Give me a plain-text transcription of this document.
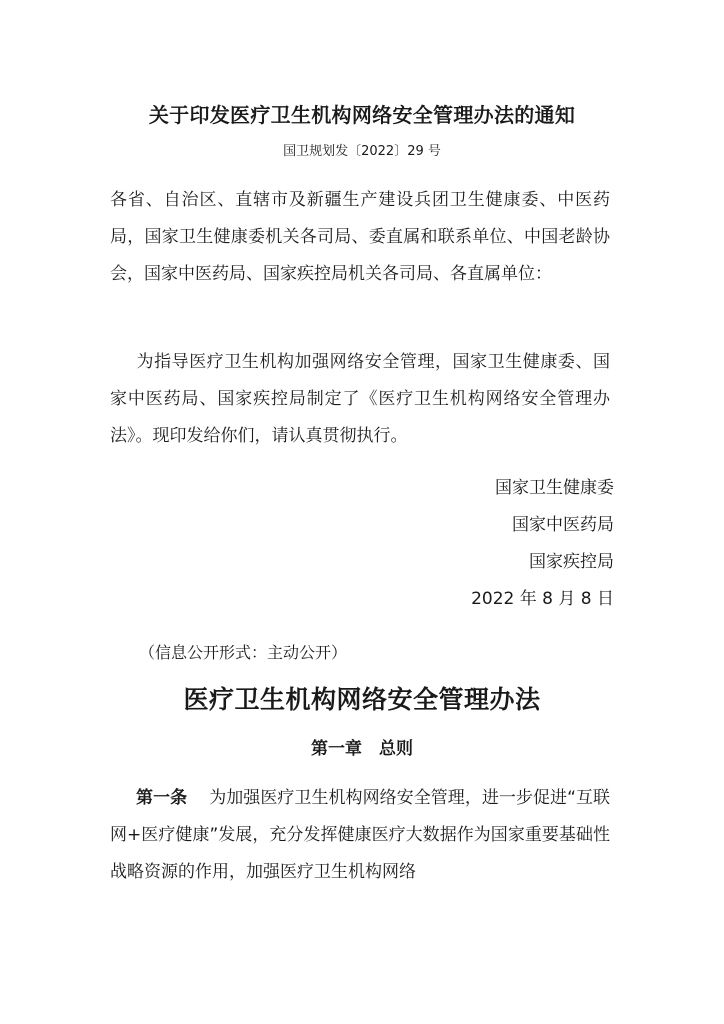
关于印发医疗卫生机构网络安全管理办法的通知
国卫规划发〔2022〕29 号
各省、自治区、直辖市及新疆生产建设兵团卫生健康委、中医药局，国家卫生健康委机关各司局、委直属和联系单位、中国老龄协会，国家中医药局、国家疾控局机关各司局、各直属单位：
为指导医疗卫生机构加强网络安全管理，国家卫生健康委、国家中医药局、国家疾控局制定了《医疗卫生机构网络安全管理办法》。现印发给你们，请认真贯彻执行。
国家卫生健康委
国家中医药局
国家疾控局
2022 年 8 月 8 日
（信息公开形式：主动公开）
医疗卫生机构网络安全管理办法
第一章　总则
第一条 为加强医疗卫生机构网络安全管理，进一步促进“互联网+医疗健康”发展，充分发挥健康医疗大数据作为国家重要基础性战略资源的作用，加强医疗卫生机构网络
